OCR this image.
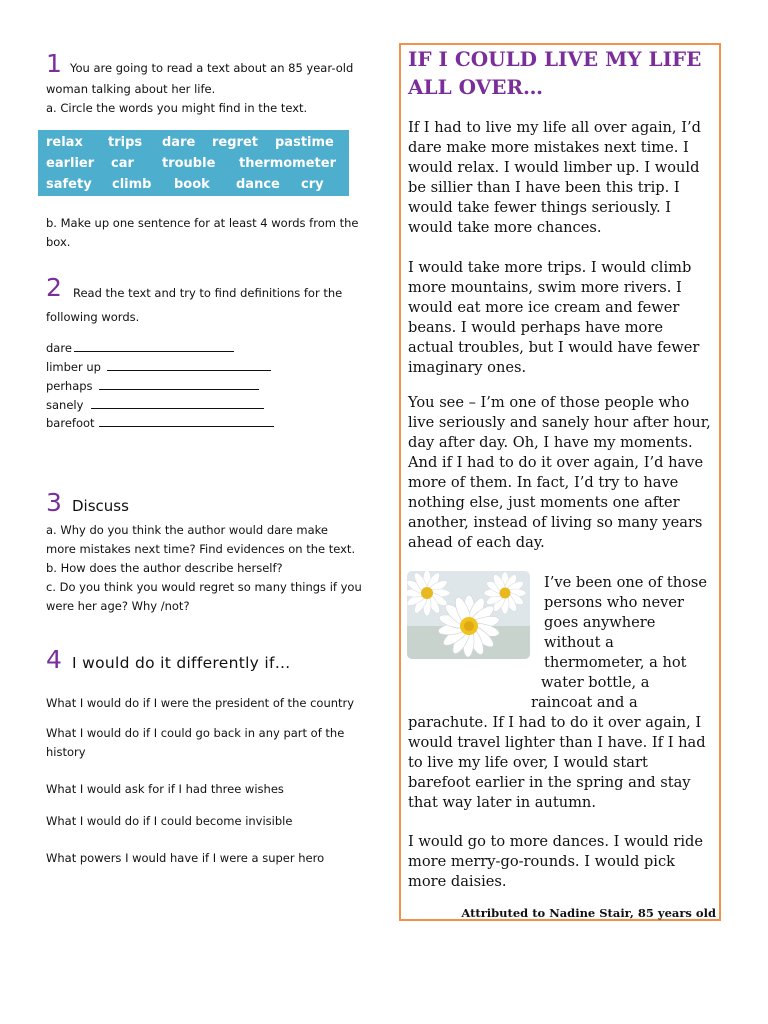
1 You are going to read a text about an 85 year-old
woman talking about her life.
a. Circle the words you might find in the text.
relax trips dare regret pastime
earlier car trouble thermometer
safety climb book dance cry
b. Make up one sentence for at least 4 words from the
box.
2 Read the text and try to find definitions for the
following words.
dare
limber up
perhaps
sanely
barefoot
3 Discuss
a. Why do you think the author would dare make
more mistakes next time? Find evidences on the text.
b. How does the author describe herself?
c. Do you think you would regret so many things if you
were her age? Why /not?
4 I would do it differently if…
What I would do if I were the president of the country
What I would do if I could go back in any part of the
history
What I would ask for if I had three wishes
What I would do if I could become invisible
What powers I would have if I were a super hero
IF I COULD LIVE MY LIFE
ALL OVER…
If I had to live my life all over again, I’d dare make more mistakes next time. I would relax. I would limber up. I would be sillier than I have been this trip. I would take fewer things seriously. I would take more chances.
I would take more trips. I would climb more mountains, swim more rivers. I would eat more ice cream and fewer beans. I would perhaps have more actual troubles, but I would have fewer imaginary ones.
You see – I’m one of those people who live seriously and sanely hour after hour, day after day. Oh, I have my moments. And if I had to do it over again, I’d have more of them. In fact, I’d try to have nothing else, just moments one after another, instead of living so many years ahead of each day.
I’ve been one of those
persons who never
goes anywhere
without a
thermometer, a hot
water bottle, a
raincoat and a
parachute. If I had to do it over again, I would travel lighter than I have. If I had to live my life over, I would start barefoot earlier in the spring and stay that way later in autumn.
I would go to more dances. I would ride more merry-go-rounds. I would pick more daisies.
Attributed to Nadine Stair, 85 years old
